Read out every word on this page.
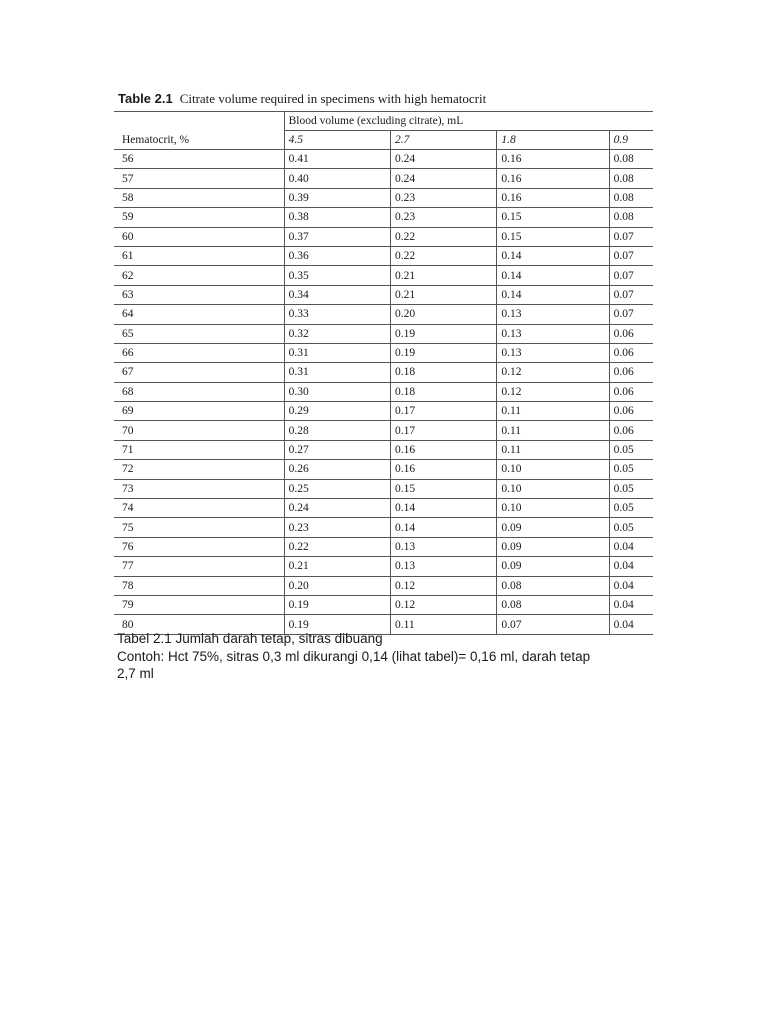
Table 2.1 Citrate volume required in specimens with high hematocrit
	Blood volume (excluding citrate), mL			
Hematocrit, %	4.5	2.7	1.8	0.9
56	0.41	0.24	0.16	0.08
57	0.40	0.24	0.16	0.08
58	0.39	0.23	0.16	0.08
59	0.38	0.23	0.15	0.08
60	0.37	0.22	0.15	0.07
61	0.36	0.22	0.14	0.07
62	0.35	0.21	0.14	0.07
63	0.34	0.21	0.14	0.07
64	0.33	0.20	0.13	0.07
65	0.32	0.19	0.13	0.06
66	0.31	0.19	0.13	0.06
67	0.31	0.18	0.12	0.06
68	0.30	0.18	0.12	0.06
69	0.29	0.17	0.11	0.06
70	0.28	0.17	0.11	0.06
71	0.27	0.16	0.11	0.05
72	0.26	0.16	0.10	0.05
73	0.25	0.15	0.10	0.05
74	0.24	0.14	0.10	0.05
75	0.23	0.14	0.09	0.05
76	0.22	0.13	0.09	0.04
77	0.21	0.13	0.09	0.04
78	0.20	0.12	0.08	0.04
79	0.19	0.12	0.08	0.04
80	0.19	0.11	0.07	0.04
Tabel 2.1 Jumlah darah tetap, sitras dibuang
Contoh: Hct 75%, sitras 0,3 ml dikurangi 0,14 (lihat tabel)= 0,16 ml, darah tetap
2,7 ml
